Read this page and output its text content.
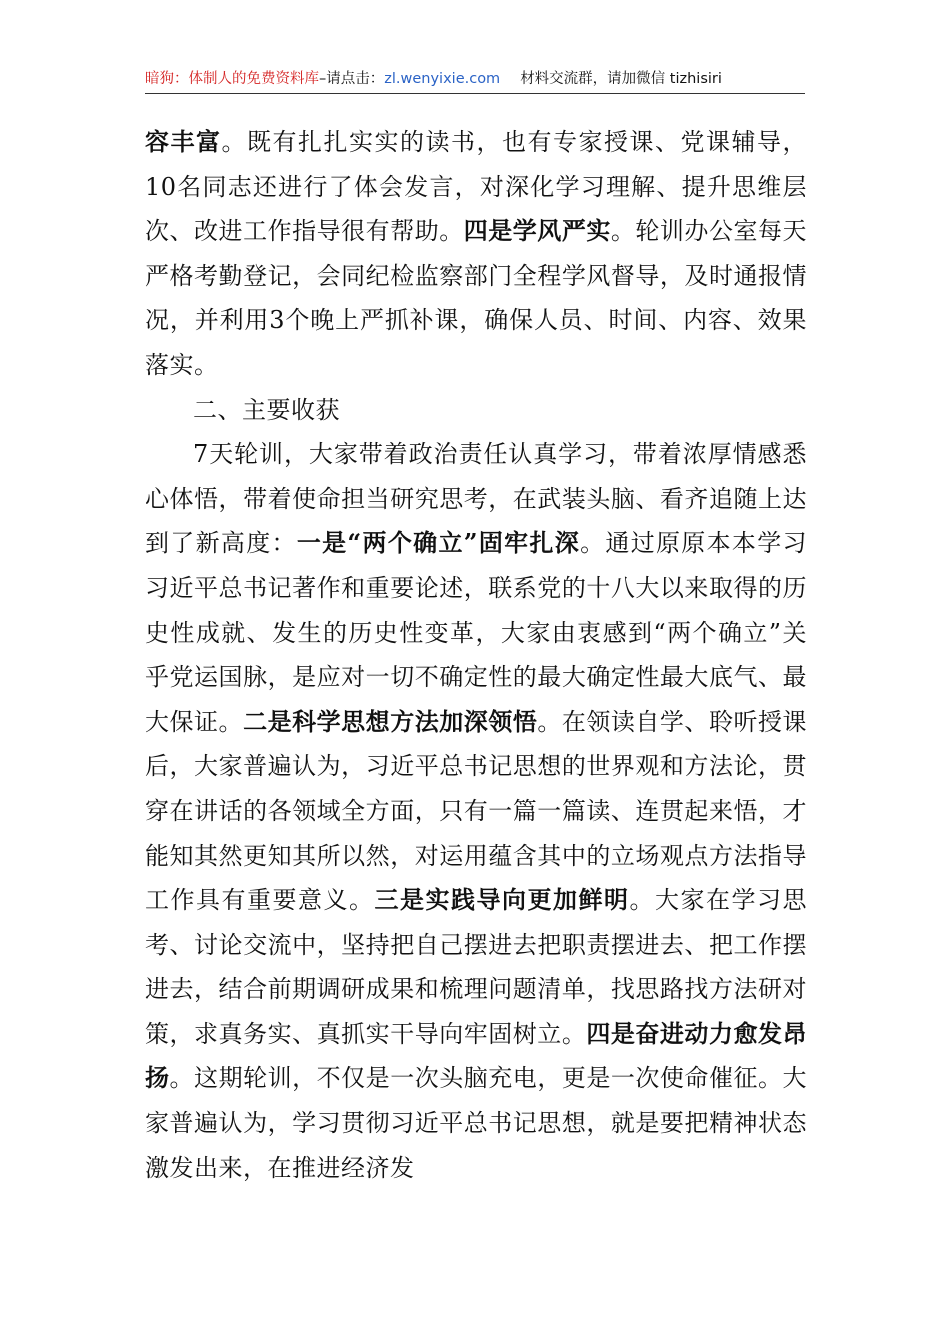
暗狗：体制人的免费资料库–请点击：zl.wenyixie.com 材料交流群，请加微信 tizhisiri

容丰富。既有扎扎实实的读书，也有专家授课、党课辅导，10名同志还进行了体会发言，对深化学习理解、提升思维层次、改进工作指导很有帮助。四是学风严实。轮训办公室每天严格考勤登记，会同纪检监察部门全程学风督导，及时通报情况，并利用3个晚上严抓补课，确保人员、时间、内容、效果落实。

二、主要收获

7天轮训，大家带着政治责任认真学习，带着浓厚情感悉心体悟，带着使命担当研究思考，在武装头脑、看齐追随上达到了新高度：一是“两个确立”固牢扎深。通过原原本本学习习近平总书记著作和重要论述，联系党的十八大以来取得的历史性成就、发生的历史性变革，大家由衷感到“两个确立”关乎党运国脉，是应对一切不确定性的最大确定性最大底气、最大保证。二是科学思想方法加深领悟。在领读自学、聆听授课后，大家普遍认为，习近平总书记思想的世界观和方法论，贯穿在讲话的各领域全方面，只有一篇一篇读、连贯起来悟，才能知其然更知其所以然，对运用蕴含其中的立场观点方法指导工作具有重要意义。三是实践导向更加鲜明。大家在学习思考、讨论交流中，坚持把自己摆进去把职责摆进去、把工作摆进去，结合前期调研成果和梳理问题清单，找思路找方法研对策，求真务实、真抓实干导向牢固树立。四是奋进动力愈发昂扬。这期轮训，不仅是一次头脑充电，更是一次使命催征。大家普遍认为，学习贯彻习近平总书记思想，就是要把精神状态激发出来，在推进经济发
